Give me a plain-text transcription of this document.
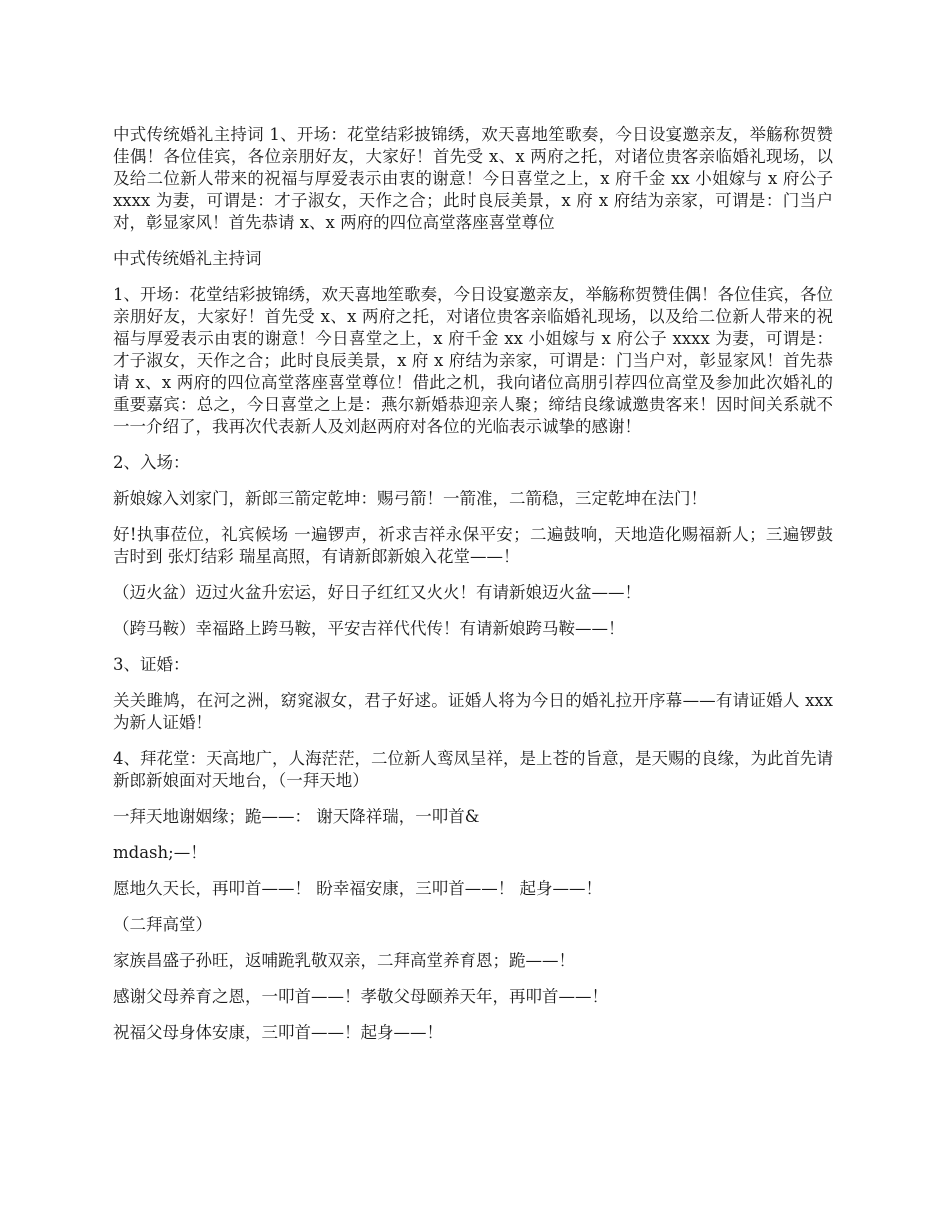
中式传统婚礼主持词 1、开场：花堂结彩披锦绣，欢天喜地笙歌奏，今日设宴邀亲友，举觞称贺赞佳偶！各位佳宾，各位亲朋好友，大家好！首先受 x、x 两府之托，对诸位贵客亲临婚礼现场，以及给二位新人带来的祝福与厚爱表示由衷的谢意！今日喜堂之上，x 府千金 xx 小姐嫁与 x 府公子 xxxx 为妻，可谓是：才子淑女，天作之合；此时良辰美景，x 府 x 府结为亲家，可谓是：门当户对，彰显家风！首先恭请 x、x 两府的四位高堂落座喜堂尊位

中式传统婚礼主持词

1、开场：花堂结彩披锦绣，欢天喜地笙歌奏，今日设宴邀亲友，举觞称贺赞佳偶！各位佳宾，各位亲朋好友，大家好！首先受 x、x 两府之托，对诸位贵客亲临婚礼现场，以及给二位新人带来的祝福与厚爱表示由衷的谢意！今日喜堂之上，x 府千金 xx 小姐嫁与 x 府公子 xxxx 为妻，可谓是：才子淑女，天作之合；此时良辰美景，x 府 x 府结为亲家，可谓是：门当户对，彰显家风！首先恭请 x、x 两府的四位高堂落座喜堂尊位！借此之机，我向诸位高朋引荐四位高堂及参加此次婚礼的重要嘉宾：总之，今日喜堂之上是：燕尔新婚恭迎亲人聚；缔结良缘诚邀贵客来！因时间关系就不一一介绍了，我再次代表新人及刘赵两府对各位的光临表示诚挚的感谢！

2、入场：

新娘嫁入刘家门，新郎三箭定乾坤：赐弓箭！一箭准，二箭稳，三定乾坤在法门！

好!执事莅位，礼宾候场 一遍锣声，祈求吉祥永保平安；二遍鼓响，天地造化赐福新人；三遍锣鼓吉时到 张灯结彩 瑞星高照，有请新郎新娘入花堂——！

（迈火盆）迈过火盆升宏运，好日子红红又火火！有请新娘迈火盆——！

（跨马鞍）幸福路上跨马鞍，平安吉祥代代传！有请新娘跨马鞍——！

3、证婚：

关关雎鸠，在河之洲，窈窕淑女，君子好逑。证婚人将为今日的婚礼拉开序幕——有请证婚人 xxx 为新人证婚！

4、拜花堂：天高地广，人海茫茫，二位新人鸾凤呈祥，是上苍的旨意，是天赐的良缘，为此首先请新郎新娘面对天地台，（一拜天地）

一拜天地谢姻缘；跪——： 谢天降祥瑞，一叩首&

mdash;—！

愿地久天长，再叩首——！ 盼幸福安康，三叩首——！ 起身——！

（二拜高堂）

家族昌盛子孙旺，返哺跪乳敬双亲，二拜高堂养育恩；跪——！

感谢父母养育之恩，一叩首——！孝敬父母颐养天年，再叩首——！

祝福父母身体安康，三叩首——！起身——！
